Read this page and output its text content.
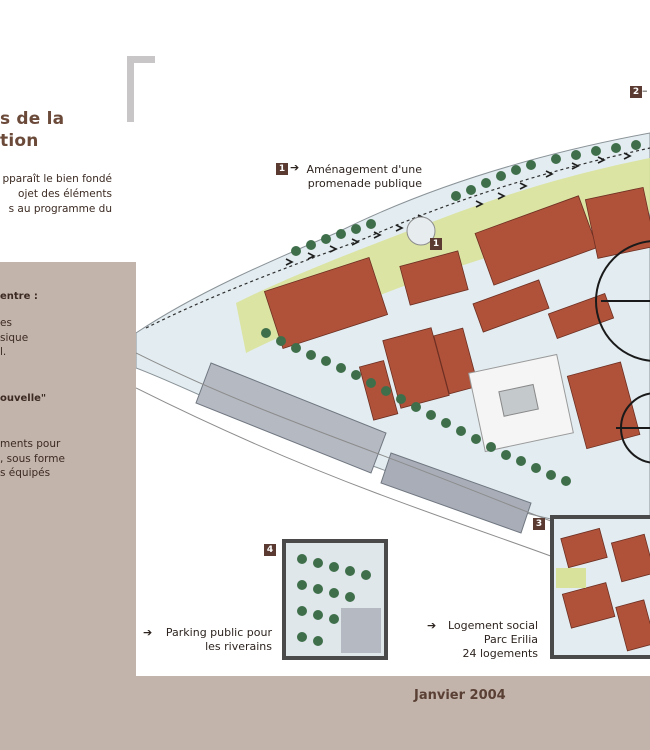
s de la
tion
pparaît le bien fondé
ojet des éléments
s au programme du
entre :
es
sique
l.
ouvelle"
ments pour
, sous forme
s équipés
1 ➔ Aménagement d'une
promenade publique
1
2 –
3
➔	Logement social
Parc Erilia
24 logements
4
➔	Parking public pour
les riverains
Janvier 2004
